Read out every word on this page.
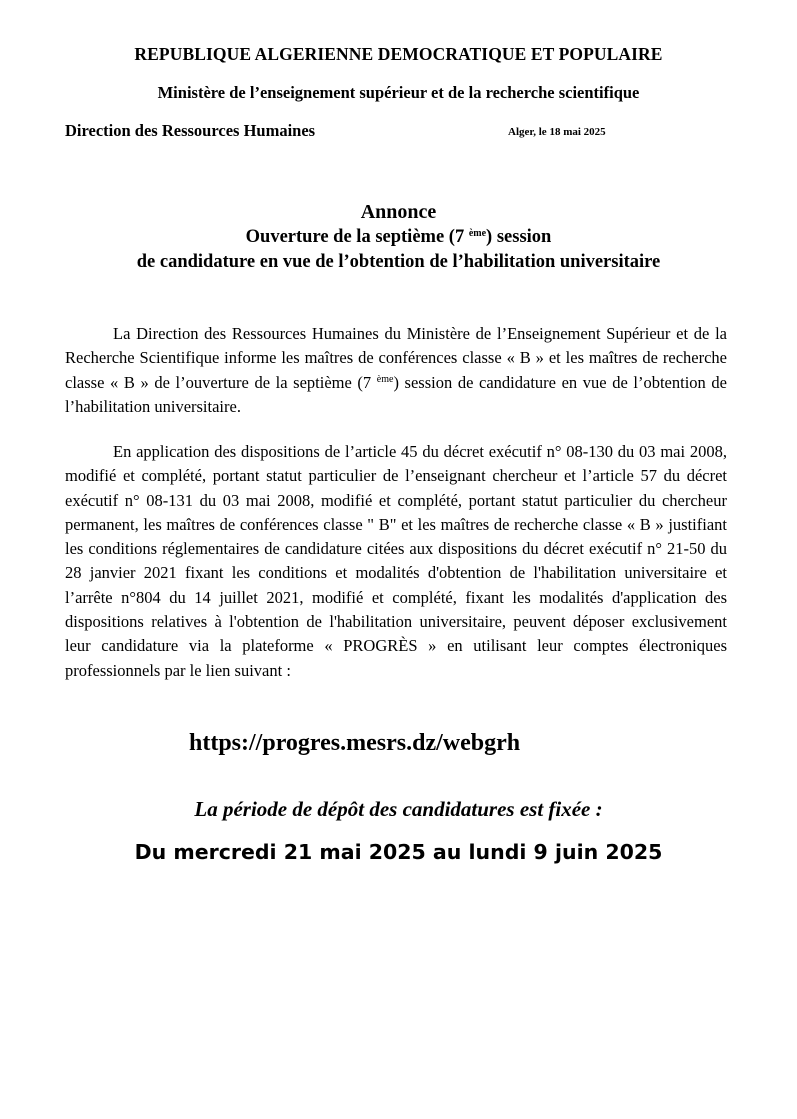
REPUBLIQUE ALGERIENNE DEMOCRATIQUE ET POPULAIRE
Ministère de l’enseignement supérieur et de la recherche scientifique
Direction des Ressources Humaines	Alger, le 18 mai 2025
Annonce
Ouverture de la septième (7 $^{ème}$) session
de candidature en vue de l’obtention de l’habilitation universitaire
La Direction des Ressources Humaines du Ministère de l’Enseignement Supérieur et de la Recherche Scientifique informe les maîtres de conférences classe « B » et les maîtres de recherche classe « B » de l’ouverture de la septième (7 $^{ème}$) session de candidature en vue de l’obtention de l’habilitation universitaire.
En application des dispositions de l’article 45 du décret exécutif n° 08-130 du 03 mai 2008, modifié et complété, portant statut particulier de l’enseignant chercheur et l’article 57 du décret exécutif n° 08-131 du 03 mai 2008, modifié et complété, portant statut particulier du chercheur permanent, les maîtres de conférences classe " B" et les maîtres de recherche classe « B » justifiant les conditions réglementaires de candidature citées aux dispositions du décret exécutif n° 21-50 du 28 janvier 2021 fixant les conditions et modalités d'obtention de l'habilitation universitaire et l’arrête n°804 du 14 juillet 2021, modifié et complété, fixant les modalités d'application des dispositions relatives à l'obtention de l'habilitation universitaire, peuvent déposer exclusivement leur candidature via la plateforme « PROGRÈS » en utilisant leur comptes électroniques professionnels par le lien suivant :
https://progres.mesrs.dz/webgrh
La période de dépôt des candidatures est fixée :
Du mercredi 21 mai 2025 au lundi 9 juin 2025
